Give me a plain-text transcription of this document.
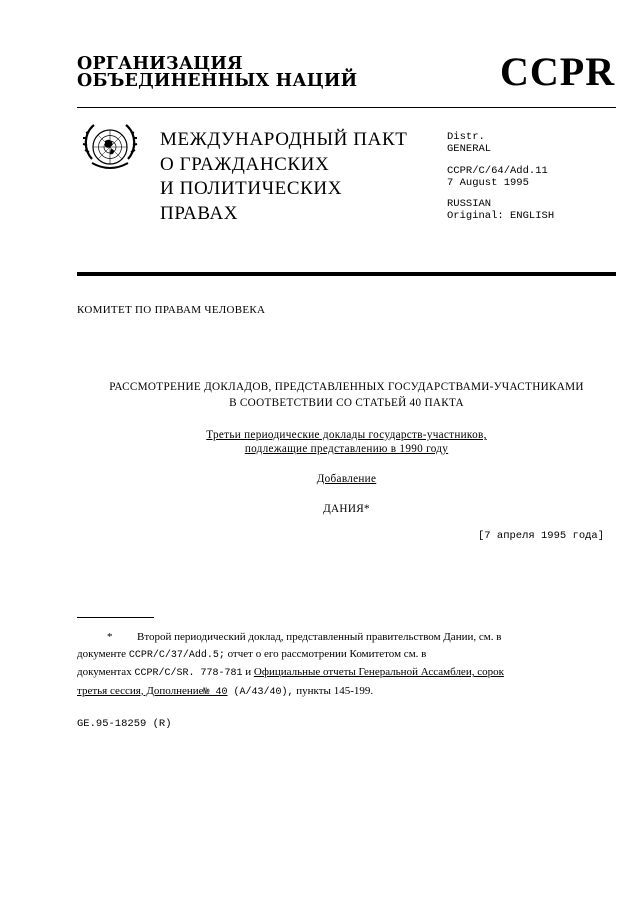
ОРГАНИЗАЦИЯ
ОБЪЕДИНЕННЫХ НАЦИЙ	CCPR
МЕЖДУНАРОДНЫЙ ПАКТ
О ГРАЖДАНСКИХ
И ПОЛИТИЧЕСКИХ
ПРАВАХ
Distr.
GENERAL
CCPR/C/64/Add.11
7 August 1995
RUSSIAN
Original: ENGLISH
КОМИТЕТ ПО ПРАВАМ ЧЕЛОВЕКА
РАССМОТРЕНИЕ ДОКЛАДОВ, ПРЕДСТАВЛЕННЫХ ГОСУДАРСТВАМИ-УЧАСТНИКАМИ
В СООТВЕТСТВИИ СО СТАТЬЕЙ 40 ПАКТА
Третьи периодические доклады государств-участников,
подлежащие представлению в 1990 году
Добавление
ДАНИЯ*
[7 апреля 1995 года]
* Второй периодический доклад, представленный правительством Дании, см. в
документе CCPR/C/37/Add.5; отчет о его рассмотрении Комитетом см. в
документах CCPR/C/SR. 778-781 и Официальные отчеты Генеральной Ассамблеи, сорок
третья сессия, Дополнение№ 40 (А/43/40), пункты 145-199.
GE.95-18259 (R)
